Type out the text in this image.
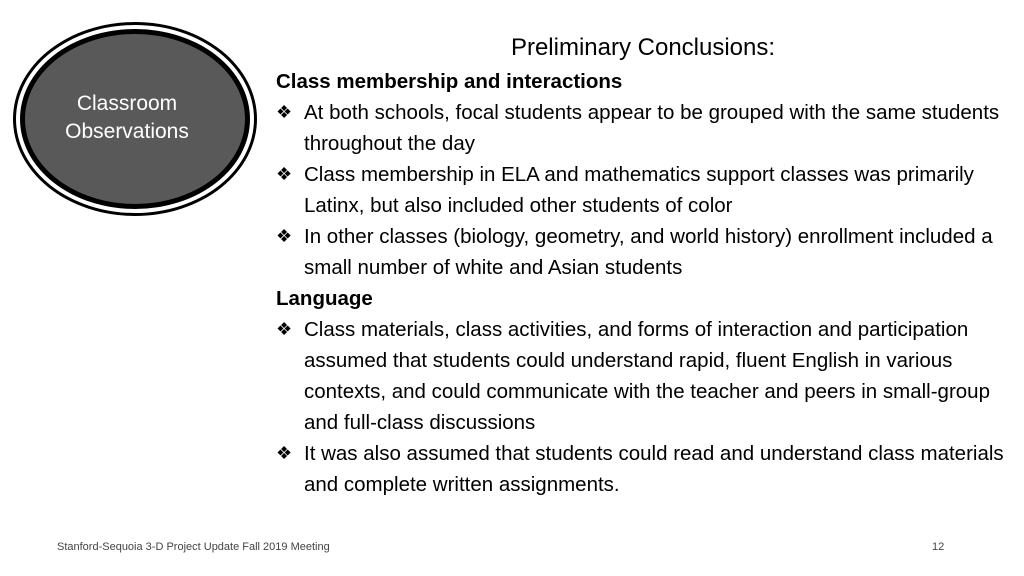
Classroom
Observations
Preliminary Conclusions:
Class membership and interactions
❖ At both schools, focal students appear to be grouped with the same students throughout the day
❖ Class membership in ELA and mathematics support classes was primarily Latinx, but also included other students of color
❖ In other classes (biology, geometry, and world history) enrollment included a small number of white and Asian students
Language
❖ Class materials, class activities, and forms of interaction and participation assumed that students could understand rapid, fluent English in various contexts, and could communicate with the teacher and peers in small-group and full-class discussions
❖ It was also assumed that students could read and understand class materials and complete written assignments.
Stanford-Sequoia 3-D Project Update Fall 2019 Meeting	12
